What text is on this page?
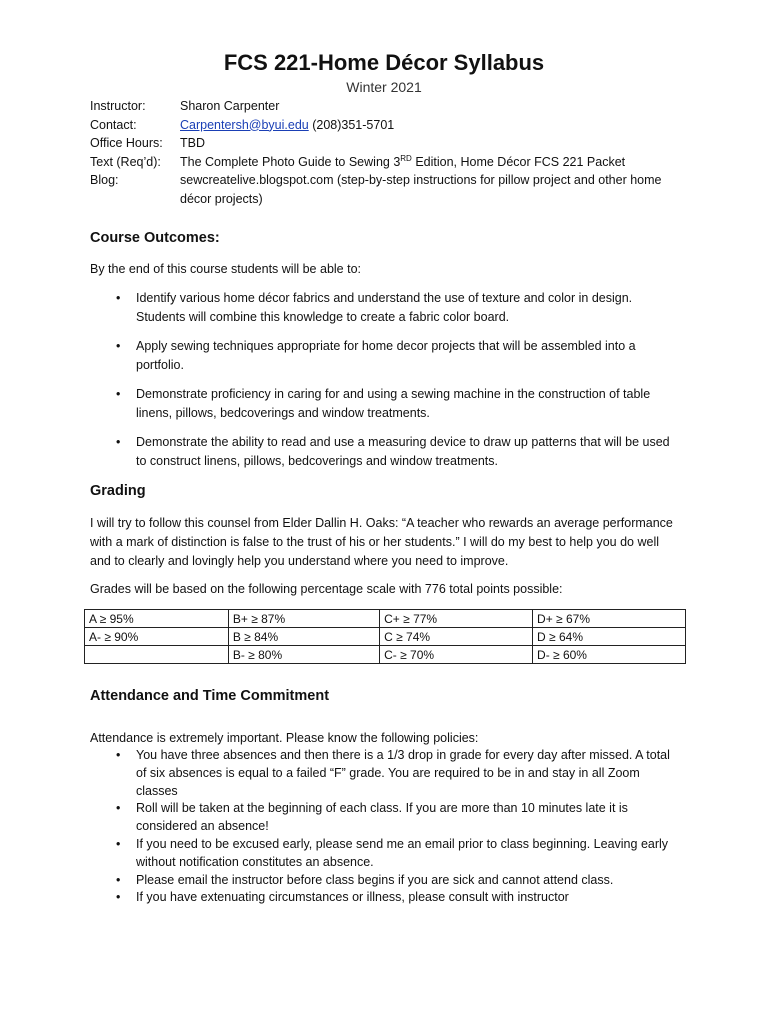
FCS 221-Home Décor Syllabus
Winter 2021
Instructor:	Sharon Carpenter
Contact:	Carpentersh@byui.edu (208)351-5701
Office Hours:	TBD
Text (Req’d):	The Complete Photo Guide to Sewing 3RD Edition, Home Décor FCS 221 Packet
Blog:	sewcreatelive.blogspot.com (step-by-step instructions for pillow project and other home décor projects)
Course Outcomes:

By the end of this course students will be able to:

• Identify various home décor fabrics and understand the use of texture and color in design. Students will combine this knowledge to create a fabric color board.
• Apply sewing techniques appropriate for home decor projects that will be assembled into a portfolio.
• Demonstrate proficiency in caring for and using a sewing machine in the construction of table linens, pillows, bedcoverings and window treatments.
• Demonstrate the ability to read and use a measuring device to draw up patterns that will be used to construct linens, pillows, bedcoverings and window treatments.
Grading

I will try to follow this counsel from Elder Dallin H. Oaks: “A teacher who rewards an average performance with a mark of distinction is false to the trust of his or her students.” I will do my best to help you do well and to clearly and lovingly help you understand where you need to improve.

Grades will be based on the following percentage scale with 776 total points possible:

A ≥ 95%	B+ ≥ 87%	C+ ≥ 77%	D+ ≥ 67%
A- ≥ 90%	B ≥ 84%	C ≥ 74%	D ≥ 64%
	B- ≥ 80%	C- ≥ 70%	D- ≥ 60%
Attendance and Time Commitment

Attendance is extremely important. Please know the following policies:

• You have three absences and then there is a 1/3 drop in grade for every day after missed. A total of six absences is equal to a failed “F” grade. You are required to be in and stay in all Zoom classes
• Roll will be taken at the beginning of each class. If you are more than 10 minutes late it is considered an absence!
• If you need to be excused early, please send me an email prior to class beginning. Leaving early without notification constitutes an absence.
• Please email the instructor before class begins if you are sick and cannot attend class.
• If you have extenuating circumstances or illness, please consult with instructor
